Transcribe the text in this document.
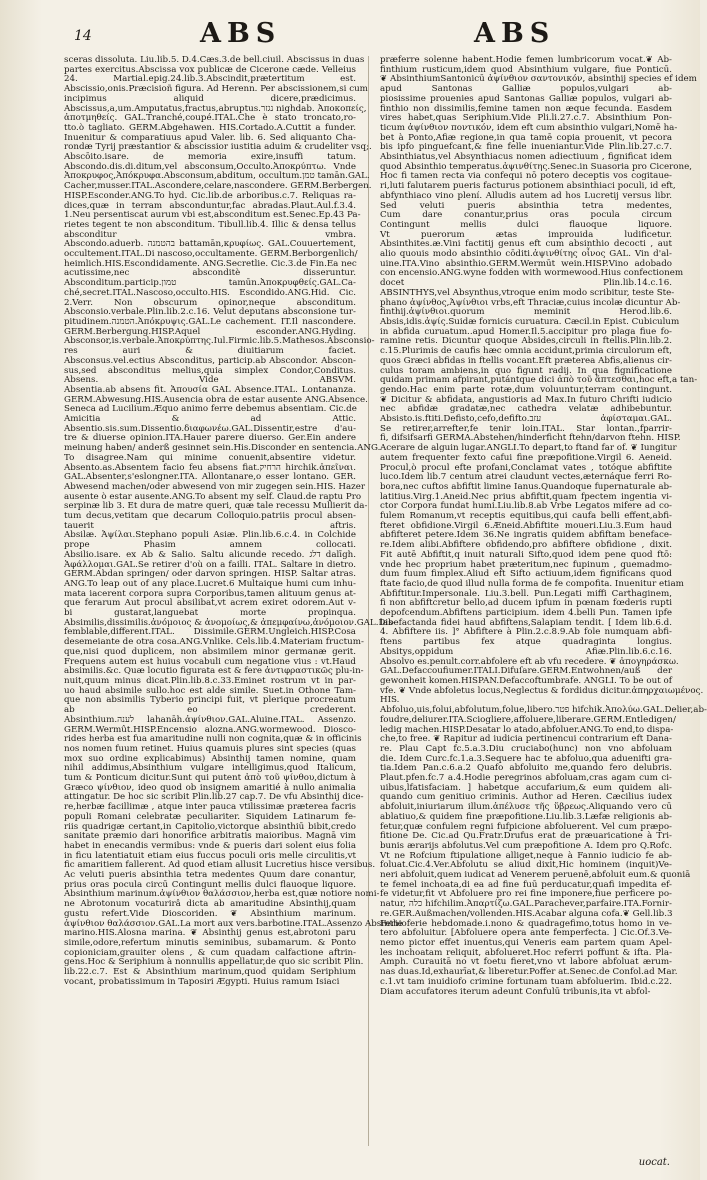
14	ABS	ABS
sceras dissoluta. Liu.lib.5. D.4.Cæs.3.de bell.ciuil. Abscissus in duas
partes exercitus.Abscissa vox publicæ de Cicerone cæde. Velleius
24. Martial.epig.24.lib.3.Abscindit,prætertitum est.
Abscissio,onis.Præcisioñ figura. Ad Herenn. Per abscissionem,si cum
incipimus aliquid dicere,prædicimus.
Abscissus,a,um.Amputatus,fractus,abruptus.נגזר nighdab. Ἀποκοπείς,
ἀποτμηθείς. GAL.Tranché,coupé.ITAL.Che è stato troncato,ro-
tto.ò tagliato. GERM.Abgehawen. HIS.Cortado.A.Cuttit a funder.
Inuenitur & comparatiuus apud Valer. lib. 6. Sed aliquanto Cha-
rondæ Tyrij præstantior & abscissior iustitia aduim & crudeliter vsq;.
Abscōito.isare. de memoria exire,insuffi tatum.
Abscondo.dis.di.ditum,vel absconsum,Occulto.Ἀποκρύπτω. Vnde
Ἀποκρυφος,Ἀπόκρυφα.Absconsum,abditum, occultum.טמן tamān.GAL.
Cacher,musser.ITAL.Ascondere,celare,nascondere. GERM.Berbergen.
HISP.Esconder.ANG.To hyd. Cic.lib.de arboribus.c.7. Reliquas ra-
dices,quæ in terram absconduntur,fac abradas.Plaut.Aul.f.3.4.
1.Neu persentiscat aurum vbi est,absconditum est.Senec.Ep.43 Pa-
rietes tegent te non absconditum. Tibull.lib.4. Illic & densa tellus
absconditur vmbra.
Abscondo.aduerb. בהטמנה battamān,κρυφίως. GAL.Couuertement,
occultement.ITAL.Di nascoso,occultamente. GERM.Berborgenlich/
heimlich.HIS.Escondidamente. ANG.Secretlie. Cic.3.de Fin.Ea nec
acutissime,nec absconditè disseruntur.
Absconditum.particip.טמון tamūn.Ἀποκρυφθείς.GAL.Ca-
ché,secret.ITAL.Nascoso,occulto.HIS. Escondido.ANG.Hid. Cic.
2.Verr. Non obscurum opinor,neque absconditum.
Absconsio.verbale.Plin.lib.2.c.16. Velut deputans absconsione tur-
pitudinem.הטמנה.Ἀπόκρυψις.GAL.Le cachement. IT.Il nascondere.
GERM.Berbergung.HISP.Aquel esconder.ANG.Hyding.
Absconsor,is.verbale.Ἀποκρύπτης.Iul.Firmic.lib.5.Mathesos.Absconsio-
res auri & diuitiarum faciet.
Absconsus.vel.ectius Absconditus, particip.ab Abscondor. Abscon-
sus,sed absconditus melius,quia simplex Condor,Conditus.
Absens. Vide ABSVM.
Absentia.ab absens fit. Ἀπουσία GAL Absence.ITAL. Lontananza.
GERM.Abwesung.HIS.Ausencia obra de estar ausente ANG.Absence.
Seneca ad Lucilium.Æquo animo ferre debemus absentiam. Cic.de
Amicitia & ad Attic.
Absentio.sis.sum.Dissentio.διαφωνέω.GAL.Dissentir,estre d'au-
tre & diuerse opinion.ITA.Hauer parere diuerso. Ger.Ein andere
meinung haben/ anderß gesinnet sein.His.Disconder en sentencia.ANG.
To disagree.Nam qui minime conuenit,absentire videtur.
Absento.as.Absentem facio feu absens fiat.הרחיק hirchik.ἀπεῖναι.
GAL.Absenter,s'eslongner.ITA. Allontanare,o esser lontano. GER.
Abwesend machen/oder abwesend von mir zugegen sein.HIS. Hazer
ausente ò estar ausente.ANG.To absent my self. Claud.de raptu Pro
serpinæ lib 3. Et dura de matre queri, quæ tale recessu Mullierit da-
tum decus,vetitam que decarum Colloquio.patriis procul absen-
tauerit aftris.
Absilæ. Ἀψίλαι.Stephano populi Asiæ. Plin.lib.6.c.4. in Colchide
prope Phasim amnem collocati.
Absilio.isare. ex Ab & Salio. Saltu alicunde recedo. דלג dalīgh.
Ἀφάλλομαι.GAL.Se retirer d'où on a failli. ITAL. Saltare in dietro.
GERM.Abdan springen/ oder darvon springen. HISP. Saltar atras.
ANG.To leap out of any place.Lucret.6 Multaique humi cum inhu-
mata iacerent corpora supra Corporibus,tamen alituum genus at-
que ferarum Aut procul absilibat,vt acrem exiret odorem.Aut v-
bi gustarat,languebat morte propinqua.
Absimilis,dissimilis.ἀνόμοιος & ἀνομοίως,& ἀπεμφαίνω,ἀνόμοιον.GAL.Dis-
femblable,different.ITAL. Dissimile.GERM.Ungleich.HISP.Cosa
desemeiante de otra cosa.ANG.Vnlike. Cels.lib.4.Materiam fructum-
que,nisi quod duplicem, non absimilem minor germanæ gerit.
Frequens autem est huius vocabuli cum negatione vius : vt.Haud
absimilis.&c. Quæ locutio figurata est & fere ἀντιφραστικῶς plu-in-
nuit,quum minus dicat.Plin.lib.8.c.33.Eminet rostrum vt in par-
uo haud absimile sullo.hoc est alde simile. Suet.in Othone Tam-
que non absimilis Tyberio principi fuit, vt plerique procreatum
ab eo crederent.
Absinthium.לענה lahanāh.ἀψίνθιον.GAL.Aluine.ITAL. Assenzo.
GERM.Wermût.HISP.Encensio alozna.ANG.wormewood. Diosco-
rides herba est fua amaritudine nulli non cognita,quæ & in officinis
nos nomen fuum retinet. Huius quamuis plures sint species (quas
mox suo ordine explicabimus) Absinthij tamen nomine, quam
nihil addimus,Absinthium vulgare intelligimus,quod Italicum,
tum & Ponticum dicitur.Sunt qui putent ἀπὸ τοῦ ψίνθου,dictum à
Græco ψίνθιον, ideo quod ob insignem amaritié à nullo animalia
attingatur. De hoc sic scribit Plin.lib.27 cap.7. De vfu Absinthij dice-
re,herbæ facillimæ , atque inter pauca vtilissimæ præterea facris
populi Romani celebratæ peculiariter. Siquidem Latinarum fe-
riis quadrigæ certant,in Capitolio,victorque absinthiū bibit,credo
sanitate præmio dari honorifice arbitratis maioribus. Magnā vim
habet in enecandis vermibus: vnde & pueris dari solent eius folia
in ficu latentiatuit etiam eius fuccus poculi oris melle circulitis,vt
fic amaritiem fallerent. Ad quod etiam allusit Lucretius hisce versibus.
Ac veluti pueris absinthia tetra medentes Quum dare conantur,
prius oras pocula circū Contingunt mellis dulci flauoque liquore.
Absinthium marinum.ἀψίνθιον θαλάσσιον,herba est,quæ notiore nomi-
ne Abrotonum vocaturirâ dicta ab amaritudine Absinthij,quam
gustu refert.Vide Dioscoriden. ❦ Absinthium marinum.
ἀψίνθιον θαλάσσιον.GAL.La mort aux vers.barbotine.ITAL.Assenzo Absinthio
marino.HIS.Alosna marina. ❦ Absinthij genus est,abrotoni paru
simile,odore,refertum minutis seminibus, subamarum. & Ponto
copioniciam,grauiter olens , & cum quadam calfactione aftrin-
gens.Hoc & Seriphium à nonnullis appellatur,de quo sic scribit Plin.
lib.22.c.7. Est & Absinthium marinum,quod quidam Seriphium
vocant, probatissimum in Taposiri Ægypti. Huius ramum Isiaci
præferre solenne habent.Hodie femen lumbricorum vocat.❦ Ab-
finthium rusticum,idem quod Absinthium vulgare, fiue Ponticū.
❦ AbsinthiumSantonicū ἀψίνθιον σαντονικόν, absinthij species ef idem
apud Santonas Galliæ populos,vulgari ab-
piosissime prouenies apud Santonas Galliæ populos, vulgari ab-
finthio non dissimilis,femine tamen non æque fecunda. Easdem
vires habet,quas Seriphium.Vide Pli.li.27.c.7. Absinthium Pon-
ticum ἀψίνθιον ποντικόν, idem eft cum absinthio vulgari,Nomē ha-
bet à Ponto,Afiæ regione,in qua tamē copia prouenit, vt pecora
bis ipfo pinguefcant,& fine felle inueniantur.Vide Plin.lib.27.c.7.
Absinthiatus,vel Absynthiacus nomen adiectiuum , fignificat idem
quod Absinthio temperatus.ἀψινθίτης.Senec.in Suasoria pro Cicerone,
Hoc fi tamen recta via confequi nō potero deceptis vos cogitaue-
ri,luti falutarem pueris facturus potionem absinthiaci poculi, id eft,
abfynthiaco vino plení. Alludis autem ad hos Lucretij versus libr.
Sed veluti pueris absinthia tetra medentes,
Cum dare conantur,prius oras pocula circum
Contingunt mellis dulci flauoque liquore.
Vt puerorum ætas improuida ludificetur.
Absinthites.æ.Vini factitij genus eft cum absinthio decocti , aut
alio quouis modo absinthio cōditi.ἀψινθίτης οἶνος GAL. Vin d'al-
uine.ITA.Vino absinthio.GERM.Wermūt wein.HISP.Vino adobado
con encensio.ANG.wyne fodden with wormewood.Hius confectionem
docet Plin.lib.14.c.16.
ABSINTHYS,vel Absynthus,vtroque enim modo scribitur, teste Ste-
phano ἀψίνθος,Ἀψίνθιοι vrbs,eft Thraciæ,cuius incolæ dicuntur Ab-
finthij.ἀψίνθιοι.quorum meminit Herod.lib.6.
Absis,idis.ἀψίς.Suidæ fornicis curuatura. Cæcil.in Epist. Cubiculum
in abfida curuatum..apud Homer.Il.5.accipitur pro plaga fiue fo-
ramine retis. Dicuntur quoque Absides,circuli in ftellis.Plin.lib.2.
c.15.Plurimis de caufis hæc omnia accidunt,primia circulorum eft,
quos Græci abfidas in ftellis vocant.Eft præterea Abfis,alienus cir-
culus toram ambiens,in quo figunt radij. In qua fignificatione
quidam primam afpirant,putántque dici ἀπὸ τοῦ ἅπτεσθαι,hoc eft,a tan-
gendo.Hac enim parte rotæ,dum voluuntur,terram contingunt.
❦ Dicitur & abfidata, angustioris ad Max.In futuro Chrifti iudicio
nec abfidæ gradatæ,nec cathedra velatæ adhibebuntur.
Absisto.is.ftiti.Defisto,cefo,defifto.עזב ἀφίσταμαι.GAL.
Se retirer,arrefter,fe tenir loin.ITAL. Star lontan.,fparrir-
fi, difsifsarfi GERMA.Abstehen/hinderficht ftehn/darvon ftehn. HISP.
Acerare de alguin lugar.ANGLI.To depart,to ftand far of. ❦ Iungitur
autem frequenter fexto cafui fine præpofitione.Virgil 6. Aeneid.
Procul,ò procul efte profani,Conclamat vates , totóque abfiftite
luco.Idem lib.7 centum atrei claudunt vectes,æternáque ferri Ro-
bora,nec cuftos abfiftit limine Ianus.Quandoque fupernaturale ab-
latitius.Virg.1.Aneid.Nec prius abfiftit,quam fpectem ingentia vi-
ctor Corpora fundat humi.Liu.lib.8.ab Vrbe Legatos mifere ad co-
fulem Romanum,vt receptis equitibus,qui caufa belli effent,abfi-
fteret obfidione.Virgil 6.Æneid.Abfiftite moueri.Liu.3.Eum haud
abfifteret petere.Idem 36.Ne ingratis quidem abfiftam beneface-
re.Idem alibi.Abfiftere obfidendo,pro abfiftere obfidione , dixit.
Fit autē Abfiftit,q inuit naturali Sifto,quod idem pene quod ftō:
vnde hec proprium habet præteritum,nec fupinum , quemadmo-
dum fuum fimplex.Aliud eft Sifto actiuum,idem fignificans quod
ftate facio,de quod illud nulla forma de fe compofita. Inuenitur etiam
Abfiftitur.Impersonale. Liu.3.bell. Pun.Legati miffi Carthaginem,
fi non abfiftcretur bello,ad ducem ipfum in pœnam fœderis rupti
depofcendum.Abfiftens participium. idem 4.belli Pun. Tamen ipfe
labefactanda fidei haud abfiftens,Salapiam tendit. [ Idem lib.6.d.
4. Abfiftere iis. ]° Abfiftere à Plin.2.c.8.9.Ab fole numquam abfi-
ftens partibus fex atque quadraginta longius.
Absitys,oppidum Afiæ.Plin.lib.6.c.16.
Absolvo es.penult.corr.abfolere eft ab vfu recedere. ❦ ἀπογηράσκω.
GAL.Defaccoufiumer.ITALI.Difuſare.GERM.Entwohnen/auß der
gewonheit komen.HISPAN.Defaccoftumbrafe. ANGLI. To be out of
vfe. ❦ Vnde abfoletus locus,Neglectus & fordidus dicitur.ἀπηρχαιωμένος.
HIS.
Abfoluo,uis,folui,abfolutum,folue,libero.פטר hifchik.Ἀπολύω.GAL.Delier,ab-
foudre,deliurer.ITA.Sciogliere,affoluere,liberare.GERM.Entledigen/
ledig machen.HISP.Desatar lo atado,abfoluer.ANG.To end,to dispa-
che,to free. ❦ Rapitur ad iudicia pertinencui contrarium eft Dana-
re. Plau Capt fc.5.a.3.Diu cruciabo(hunc) non vno abfoluam
die. Idem Curc.fc.1.a.3.Sequere hac te abfoluo,qua aduenifti gra-
tia.Idem Pan.c.6.a.2 Quafo abfoluito me,quando fero delubris.
Plaut.pfen.fc.7 a.4.Hodie peregrinos abfoluam,cras agam cum ci-
uibus,lfatisfaciam. ] habetque accufarium,& eum quidem ali-
quando cum genitiuo criminis. Author ad Heren. Cæcilius iudex
abfoluit,iniuriarum illum.ἀπέλυσε τῆς ὕβρεως.Aliquando vero cū
ablatiuo,& quidem fine præpofitione.Liu.lib.3.Læfæ religionis ab-
fetur,quæ confulem regni fufpicione abfoluerent. Vel cum præpo-
fitione De. Cic.ad Qu.Fratr.Drufus erat de præuaricatione à Tri-
bunis ærarijs abfolutus.Vel cum præpofitione A. Idem pro Q.Rofc.
Vt ne Rofcium ftipulatione alliget,neque à Fannio iudicio fe ab-
foluat.Cic.4.Ver.Abfolutu se aliud dixit,Hic hominem (inquit)Ve-
neri abfoluit,quem iudicat ad Venerem peruenē,abfoluit eum.& quoniā
te femel inchoata,di ea ad fine fuū perducatur,quafi impedita ef-
fe videtur,fit vt Abfoluere pro rei fine imponere,fiue perficere po-
natur, כלה hifchilim.Ἀπαρτίζω.GAL.Parachever,parfaire.ITA.Fornir-
re.GER.Außmachen/vollenden.HIS.Acabar alguna cofa.❦ Gell.lib.3
Ferie ferie hebdomade.i.nono & quadragefimo,totus homo in ve-
tero abfoluitur. [Abfoluere opera ante femperfecta. ] Cic.Of.3.Ve-
nemo pictor effet inuentus,qui Veneris eam partem quam Apel-
les inchoatam reliquit, abfolueret.Hoc referri poffunt & ifta. Pla-
Amph. Curauitā no vt foetu fieret,vno vt labore abfoluat ærum-
nas duas.Id,exhaurīat,& liberetur.Poffer at.Senec.de Confol.ad Mar.
c.1.vt tam inuidiofo crimine fortunam tuam abfoluerim. Ibid.c.22.
Diam accufatores iterum adeunt Confulū tribunis,ita vt abfol-
uocat.
